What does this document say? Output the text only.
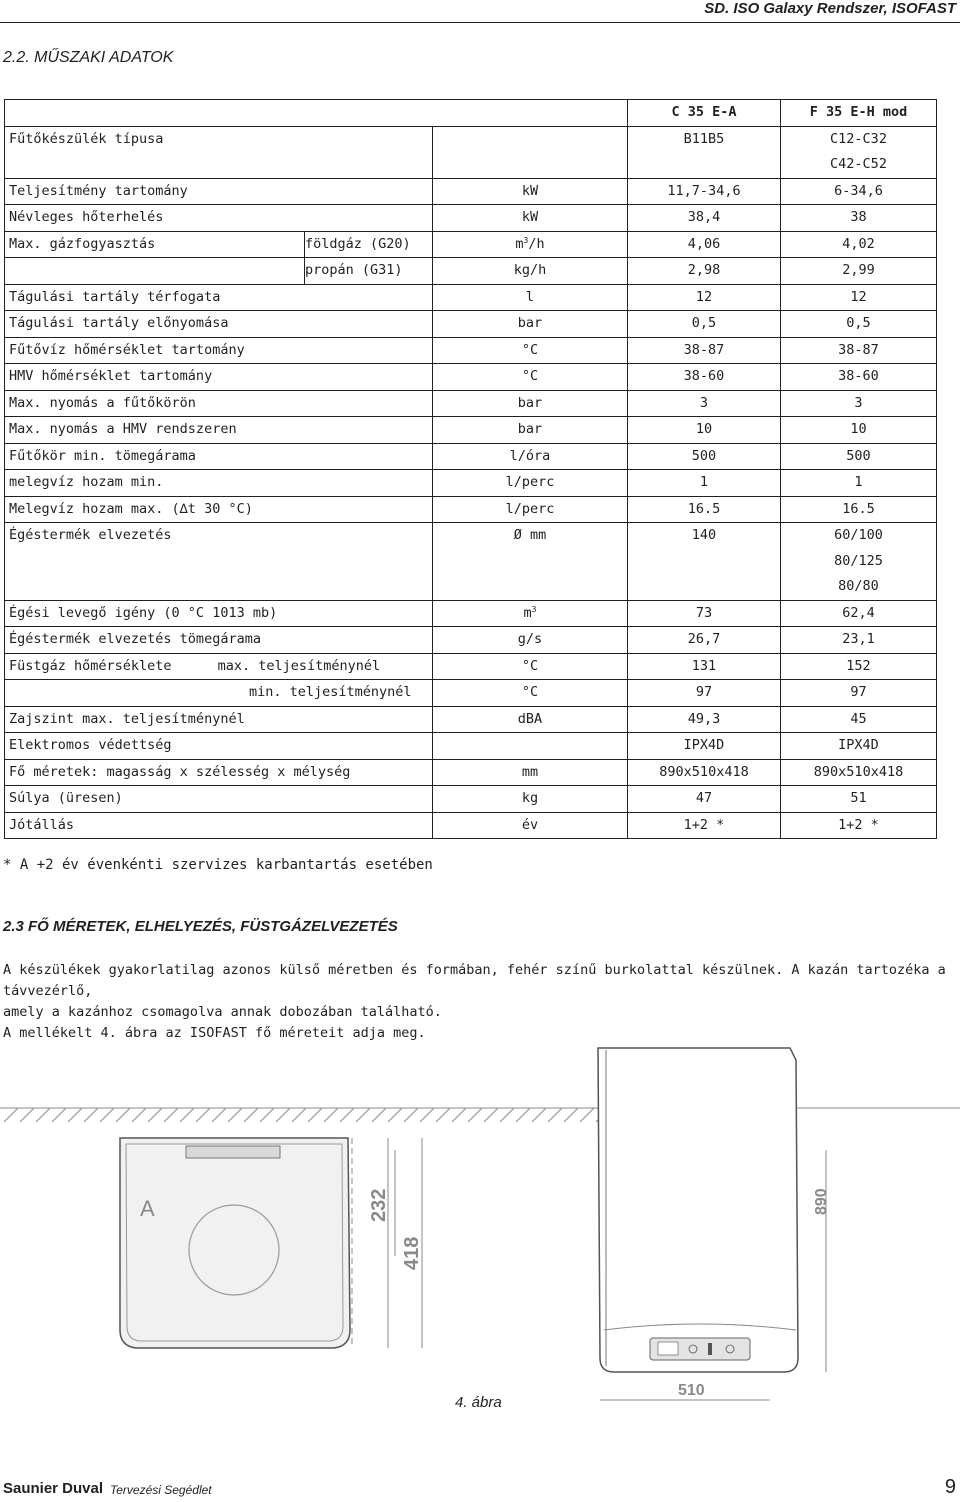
SD. ISO Galaxy Rendszer, ISOFAST
2.2. MŰSZAKI ADATOK
			C 35 E-A	F 35 E-H mod
Fűtőkészülék típusa			B11B5	C12-C32
C42-C52

Teljesítmény tartomány		kW	11,7-34,6	6-34,6
Névleges hőterhelés		kW	38,4	38
Max. gázfogyasztás	földgáz (G20)	$m^3/h$	4,06	4,02
	propán (G31)	kg/h	2,98	2,99
Tágulási tartály térfogata		l	12	12
Tágulási tartály előnyomása		bar	0,5	0,5
Fűtővíz hőmérséklet tartomány		°C	38-87	38-87
HMV hőmérséklet tartomány		°C	38-60	38-60
Max. nyomás a fűtőkörön		bar	3	3
Max. nyomás a HMV rendszeren		bar	10	10
Fűtőkör min. tömegárama		l/óra	500	500
melegvíz hozam min.		l/perc	1	1
Melegvíz hozam max. (∆t 30 °C)		l/perc	16.5	16.5
Égéstermék elvezetés		Ø mm	140	60/100
80/125
80/80

Égési levegő igény (0 °C 1013 mb)		$m^3$	73	62,4
Égéstermék elvezetés tömegárama		g/s	26,7	23,1
Füstgáz hőmérséklete max. teljesítménynél		°C	131	152
min. teljesítménynél		°C	97	97
Zajszint max. teljesítménynél		dBA	49,3	45
Elektromos védettség			IPX4D	IPX4D
Fő méretek: magasság x szélesség x mélység		mm	890x510x418	890x510x418
Súlya (üresen)		kg	47	51
Jótállás		év	1+2 *	1+2 *
* A +2 év évenkénti szervizes karbantartás esetében
2.3 FŐ MÉRETEK, ELHELYEZÉS, FÜSTGÁZELVEZETÉS
A készülékek gyakorlatilag azonos külső méretben és formában, fehér színű burkolattal készülnek. A kazán tartozéka a távvezérlő,
amely a kazánhoz csomagolva annak dobozában található.
A mellékelt 4. ábra az ISOFAST fő méreteit adja meg.
A	232
418
890
510
4. ábra
Saunier Duval Tervezési Segédlet	9
